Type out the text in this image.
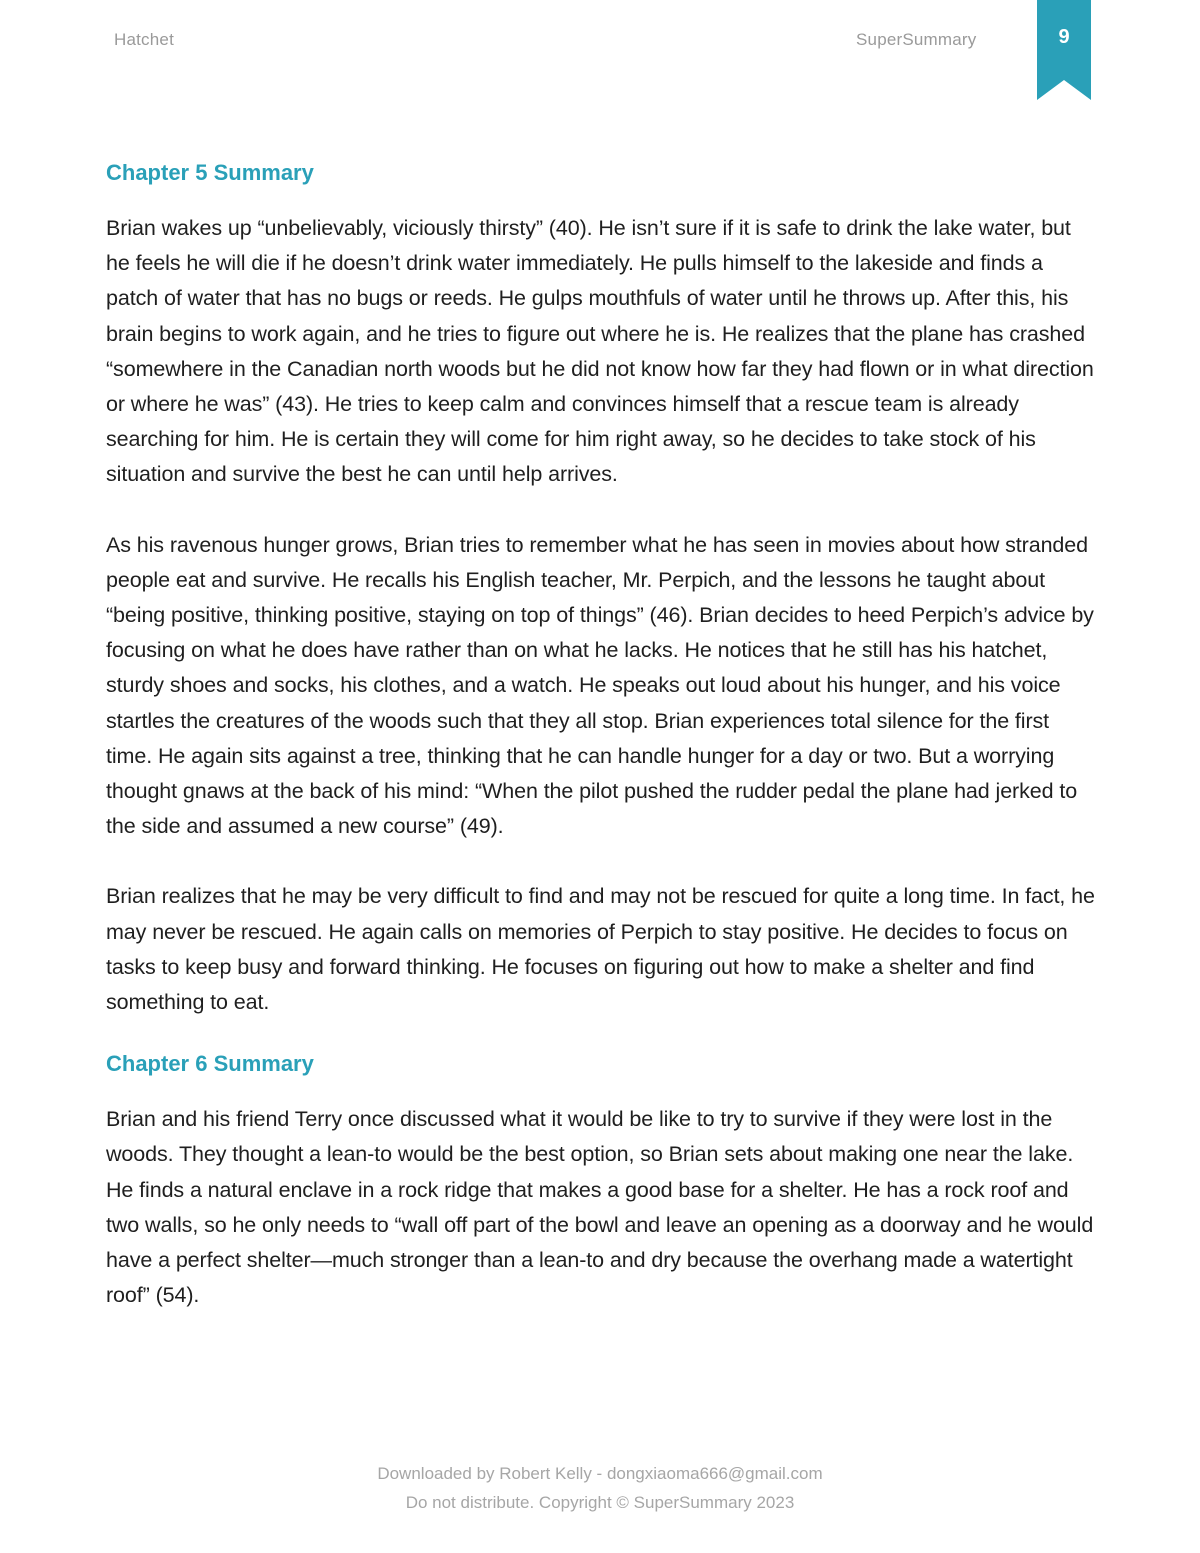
Hatchet	SuperSummary	9
Chapter 5 Summary

Brian wakes up “unbelievably, viciously thirsty” (40). He isn’t sure if it is safe to drink the lake water, but he feels he will die if he doesn’t drink water immediately. He pulls himself to the lakeside and finds a patch of water that has no bugs or reeds. He gulps mouthfuls of water until he throws up. After this, his brain begins to work again, and he tries to figure out where he is. He realizes that the plane has crashed “somewhere in the Canadian north woods but he did not know how far they had flown or in what direction or where he was” (43). He tries to keep calm and convinces himself that a rescue team is already searching for him. He is certain they will come for him right away, so he decides to take stock of his situation and survive the best he can until help arrives.

As his ravenous hunger grows, Brian tries to remember what he has seen in movies about how stranded people eat and survive. He recalls his English teacher, Mr. Perpich, and the lessons he taught about “being positive, thinking positive, staying on top of things” (46). Brian decides to heed Perpich’s advice by focusing on what he does have rather than on what he lacks. He notices that he still has his hatchet, sturdy shoes and socks, his clothes, and a watch. He speaks out loud about his hunger, and his voice startles the creatures of the woods such that they all stop. Brian experiences total silence for the first time. He again sits against a tree, thinking that he can handle hunger for a day or two. But a worrying thought gnaws at the back of his mind: “When the pilot pushed the rudder pedal the plane had jerked to the side and assumed a new course” (49).

Brian realizes that he may be very difficult to find and may not be rescued for quite a long time. In fact, he may never be rescued. He again calls on memories of Perpich to stay positive. He decides to focus on tasks to keep busy and forward thinking. He focuses on figuring out how to make a shelter and find something to eat.

Chapter 6 Summary

Brian and his friend Terry once discussed what it would be like to try to survive if they were lost in the woods. They thought a lean-to would be the best option, so Brian sets about making one near the lake. He finds a natural enclave in a rock ridge that makes a good base for a shelter. He has a rock roof and two walls, so he only needs to “wall off part of the bowl and leave an opening as a doorway and he would have a perfect shelter—much stronger than a lean-to and dry because the overhang made a watertight roof” (54).

Downloaded by Robert Kelly - dongxiaoma666@gmail.com
Do not distribute. Copyright © SuperSummary 2023
